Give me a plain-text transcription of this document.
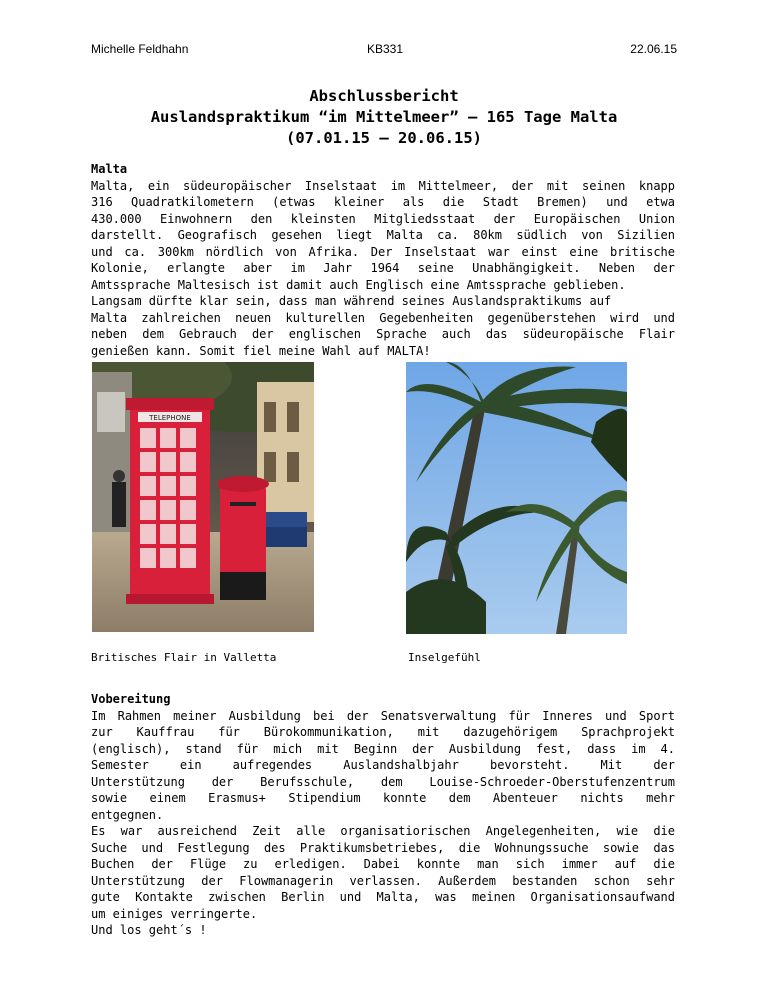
Michelle Feldhahn	KB331	22.06.15
Abschlussbericht
Auslandspraktikum “im Mittelmeer” – 165 Tage Malta
(07.01.15 – 20.06.15)
Malta
Malta, ein südeuropäischer Inselstaat im Mittelmeer, der mit seinen knapp
316 Quadratkilometern (etwas kleiner als die Stadt Bremen) und etwa
430.000 Einwohnern den kleinsten Mitgliedsstaat der Europäischen Union
darstellt. Geografisch gesehen liegt Malta ca. 80km südlich von Sizilien
und ca. 300km nördlich von Afrika. Der Inselstaat war einst eine britische
Kolonie, erlangte aber im Jahr 1964 seine Unabhängigkeit. Neben der
Amtssprache Maltesisch ist damit auch Englisch eine Amtssprache geblieben.
Langsam dürfte klar sein, dass man während seines Auslandspraktikums auf
Malta zahlreichen neuen kulturellen Gegebenheiten gegenüberstehen wird und
neben dem Gebrauch der englischen Sprache auch das südeuropäische Flair
genießen kann. Somit fiel meine Wahl auf MALTA!
TELEPHONE
Britisches Flair in Valletta	Inselgefühl
Vobereitung
Im Rahmen meiner Ausbildung bei der Senatsverwaltung für Inneres und Sport
zur Kauffrau für Bürokommunikation, mit dazugehörigem Sprachprojekt
(englisch), stand für mich mit Beginn der Ausbildung fest, dass im 4.
Semester ein aufregendes Auslandshalbjahr bevorsteht. Mit der
Unterstützung der Berufsschule, dem Louise-Schroeder-Oberstufenzentrum
sowie einem Erasmus+ Stipendium konnte dem Abenteuer nichts mehr
entgegnen.
Es war ausreichend Zeit alle organisatiorischen Angelegenheiten, wie die
Suche und Festlegung des Praktikumsbetriebes, die Wohnungssuche sowie das
Buchen der Flüge zu erledigen. Dabei konnte man sich immer auf die
Unterstützung der Flowmanagerin verlassen. Außerdem bestanden schon sehr
gute Kontakte zwischen Berlin und Malta, was meinen Organisationsaufwand
um einiges verringerte.
Und los geht´s !
